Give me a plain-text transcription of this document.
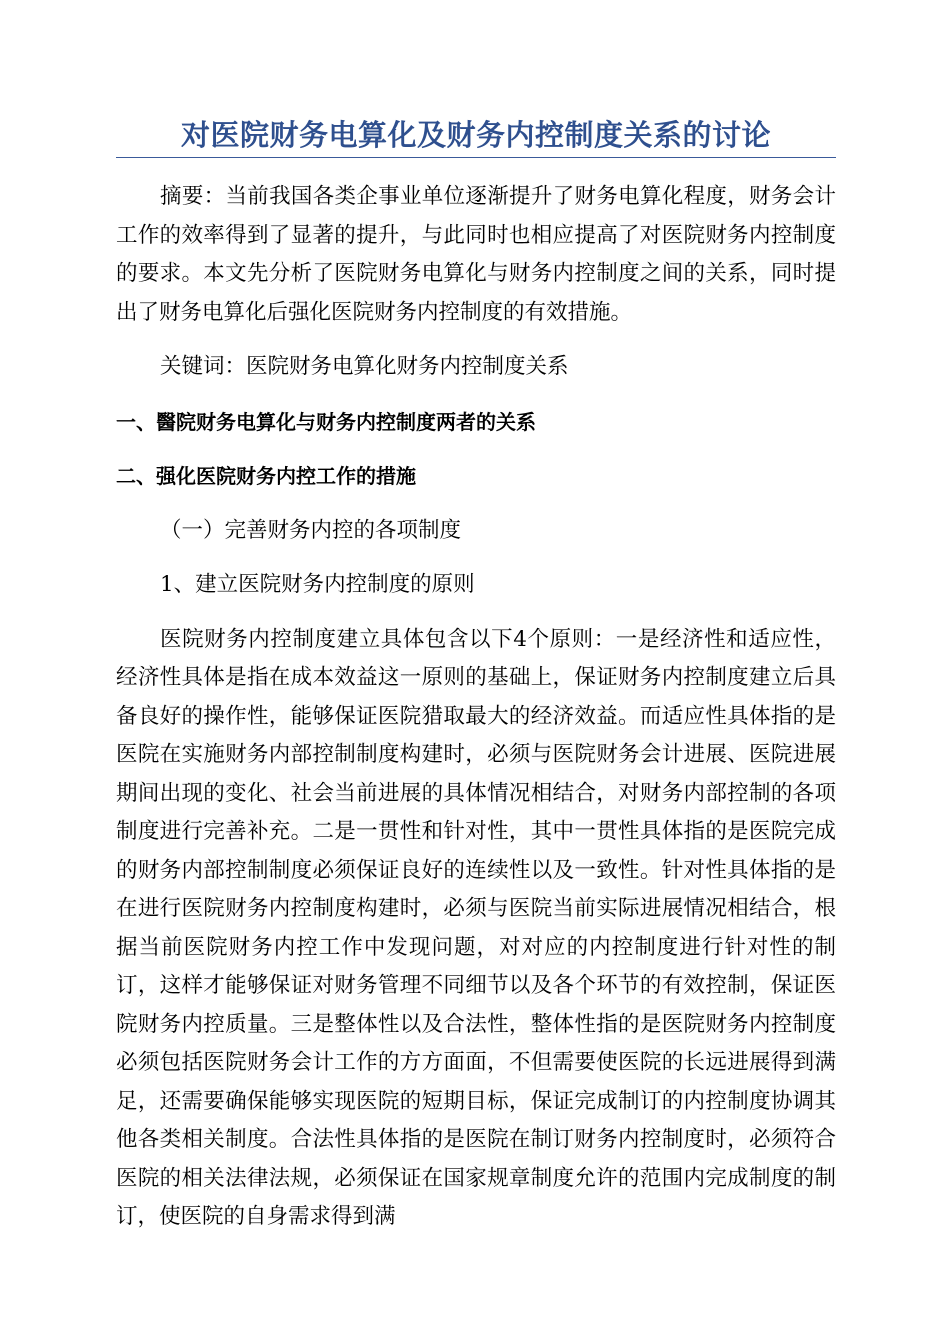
对医院财务电算化及财务内控制度关系的讨论

摘要：当前我国各类企事业单位逐渐提升了财务电算化程度，财务会计工作的效率得到了显著的提升，与此同时也相应提高了对医院财务内控制度的要求。本文先分析了医院财务电算化与财务内控制度之间的关系，同时提出了财务电算化后强化医院财务内控制度的有效措施。

关键词：医院财务电算化财务内控制度关系

一、醫院财务电算化与财务内控制度两者的关系

二、强化医院财务内控工作的措施

（一）完善财务内控的各项制度

1、建立医院财务内控制度的原则

医院财务内控制度建立具体包含以下4个原则：一是经济性和适应性，经济性具体是指在成本效益这一原则的基础上，保证财务内控制度建立后具备良好的操作性，能够保证医院猎取最大的经济效益。而适应性具体指的是医院在实施财务内部控制制度构建时，必须与医院财务会计进展、医院进展期间出现的变化、社会当前进展的具体情况相结合，对财务内部控制的各项制度进行完善补充。二是一贯性和针对性，其中一贯性具体指的是医院完成的财务内部控制制度必须保证良好的连续性以及一致性。针对性具体指的是在进行医院财务内控制度构建时，必须与医院当前实际进展情况相结合，根据当前医院财务内控工作中发现问题，对对应的内控制度进行针对性的制订，这样才能够保证对财务管理不同细节以及各个环节的有效控制，保证医院财务内控质量。三是整体性以及合法性，整体性指的是医院财务内控制度必须包括医院财务会计工作的方方面面，不但需要使医院的长远进展得到满足，还需要确保能够实现医院的短期目标，保证完成制订的内控制度协调其他各类相关制度。合法性具体指的是医院在制订财务内控制度时，必须符合医院的相关法律法规，必须保证在国家规章制度允许的范围内完成制度的制订，使医院的自身需求得到满
